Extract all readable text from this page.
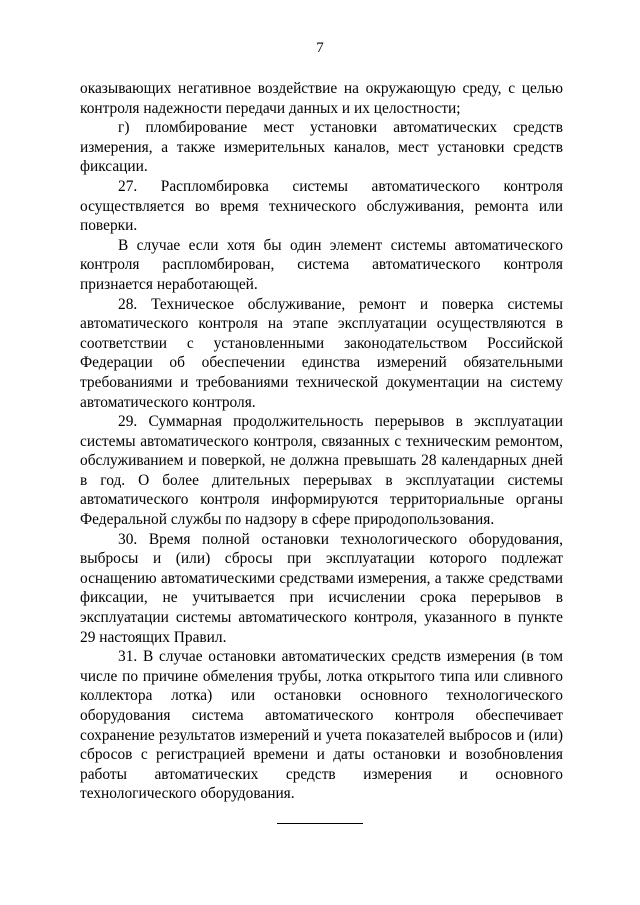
7

оказывающих негативное воздействие на окружающую среду, с целью контроля надежности передачи данных и их целостности;

г) пломбирование мест установки автоматических средств измерения, а также измерительных каналов, мест установки средств фиксации.

27. Распломбировка системы автоматического контроля осуществляется во время технического обслуживания, ремонта или поверки.

В случае если хотя бы один элемент системы автоматического контроля распломбирован, система автоматического контроля признается неработающей.

28. Техническое обслуживание, ремонт и поверка системы автоматического контроля на этапе эксплуатации осуществляются в соответствии с установленными законодательством Российской Федерации об обеспечении единства измерений обязательными требованиями и требованиями технической документации на систему автоматического контроля.

29. Суммарная продолжительность перерывов в эксплуатации системы автоматического контроля, связанных с техническим ремонтом, обслуживанием и поверкой, не должна превышать 28 календарных дней в год. О более длительных перерывах в эксплуатации системы автоматического контроля информируются территориальные органы Федеральной службы по надзору в сфере природопользования.

30. Время полной остановки технологического оборудования, выбросы и (или) сбросы при эксплуатации которого подлежат оснащению автоматическими средствами измерения, а также средствами фиксации, не учитывается при исчислении срока перерывов в эксплуатации системы автоматического контроля, указанного в пункте 29 настоящих Правил.

31. В случае остановки автоматических средств измерения (в том числе по причине обмеления трубы, лотка открытого типа или сливного коллектора лотка) или остановки основного технологического оборудования система автоматического контроля обеспечивает сохранение результатов измерений и учета показателей выбросов и (или) сбросов с регистрацией времени и даты остановки и возобновления работы автоматических средств измерения и основного технологического оборудования.
